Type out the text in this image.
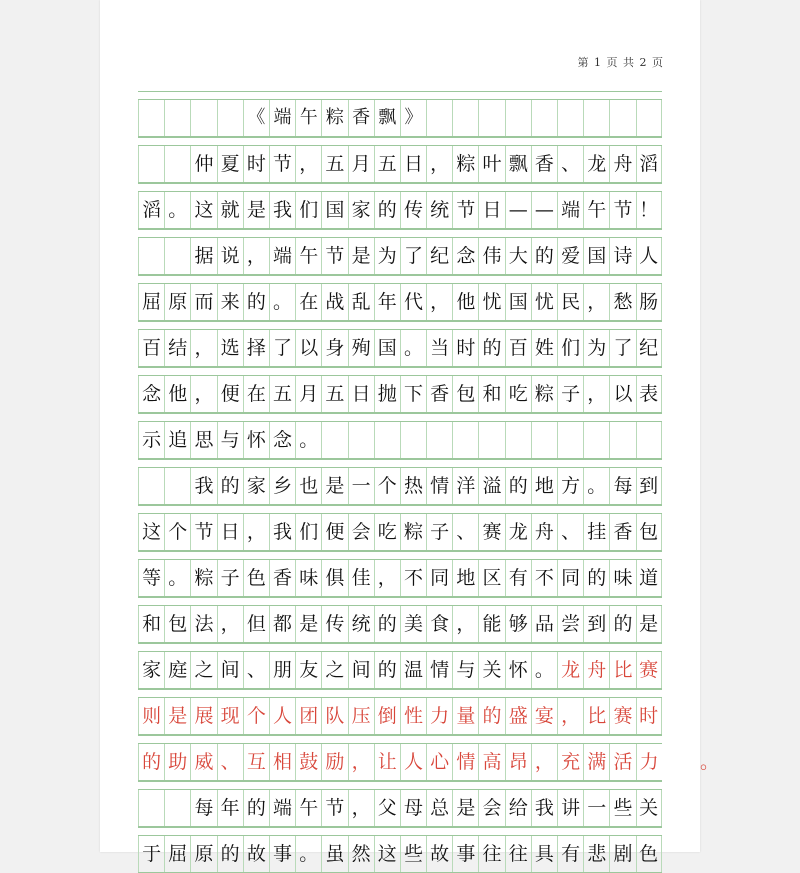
第 1 页 共 2 页
《 端 午 粽 香 飘 》
仲 夏 时 节 ， 五 月 五 日 ， 粽 叶 飘 香 、 龙 舟 滔
滔 。 这 就 是 我 们 国 家 的 传 统 节 日 — — 端 午 节 ！
据 说 ， 端 午 节 是 为 了 纪 念 伟 大 的 爱 国 诗 人
屈 原 而 来 的 。 在 战 乱 年 代 ， 他 忧 国 忧 民 ， 愁 肠
百 结 ， 选 择 了 以 身 殉 国 。 当 时 的 百 姓 们 为 了 纪
念 他 ， 便 在 五 月 五 日 抛 下 香 包 和 吃 粽 子 ， 以 表
示 追 思 与 怀 念 。
我 的 家 乡 也 是 一 个 热 情 洋 溢 的 地 方 。 每 到
这 个 节 日 ， 我 们 便 会 吃 粽 子 、 赛 龙 舟 、 挂 香 包
等 。 粽 子 色 香 味 俱 佳 ， 不 同 地 区 有 不 同 的 味 道
和 包 法 ， 但 都 是 传 统 的 美 食 ， 能 够 品 尝 到 的 是
家 庭 之 间 、 朋 友 之 间 的 温 情 与 关 怀 。 龙 舟 比 赛
则 是 展 现 个 人 团 队 压 倒 性 力 量 的 盛 宴 ， 比 赛 时
的 助 威 、 互 相 鼓 励 ， 让 人 心 情 高 昂 ， 充 满 活 力 。
每 年 的 端 午 节 ， 父 母 总 是 会 给 我 讲 一 些 关
于 屈 原 的 故 事 。 虽 然 这 些 故 事 往 往 具 有 悲 剧 色
